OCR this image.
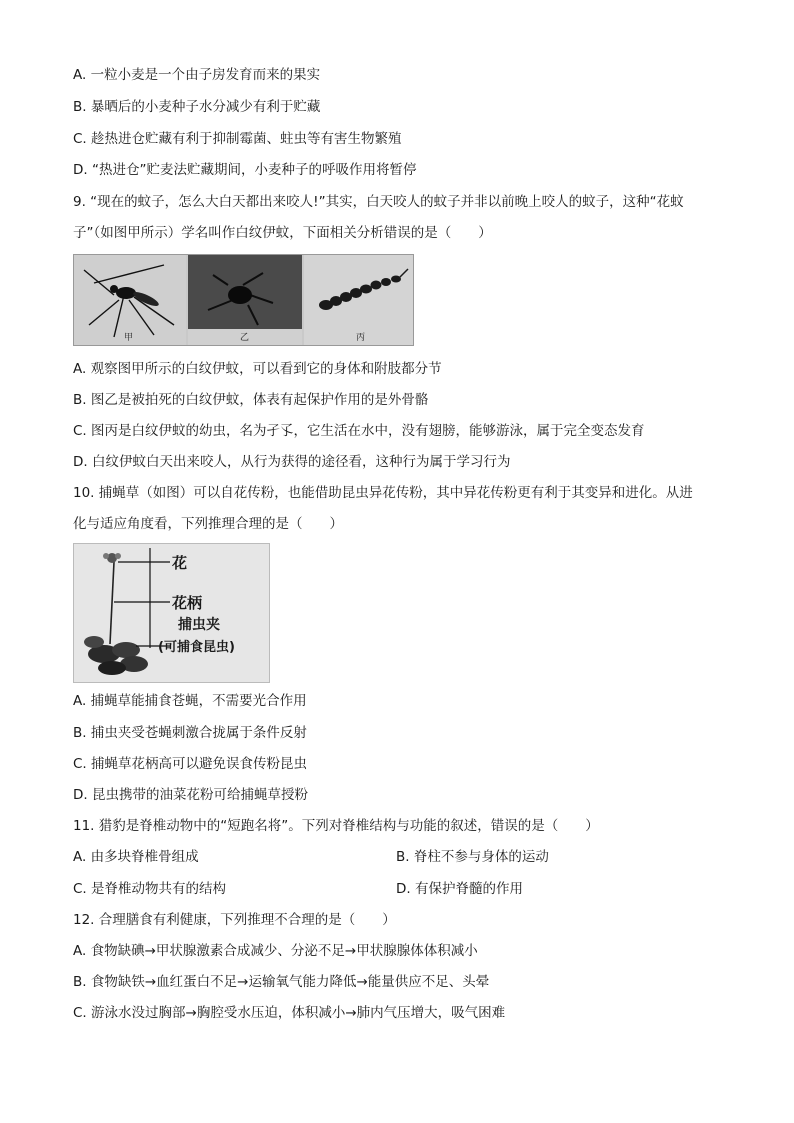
A. 一粒小麦是一个由子房发育而来的果实
B. 暴晒后的小麦种子水分减少有利于贮藏
C. 趁热进仓贮藏有利于抑制霉菌、蛀虫等有害生物繁殖
D. “热进仓”贮麦法贮藏期间，小麦种子的呼吸作用将暂停
9. “现在的蚊子，怎么大白天都出来咬人!”其实，白天咬人的蚊子并非以前晚上咬人的蚊子，这种“花蚊
子”（如图甲所示）学名叫作白纹伊蚊，下面相关分析错误的是（　　）
甲	乙	丙
A. 观察图甲所示的白纹伊蚊，可以看到它的身体和附肢都分节
B. 图乙是被拍死的白纹伊蚊，体表有起保护作用的是外骨骼
C. 图丙是白纹伊蚊的幼虫，名为孑孓，它生活在水中，没有翅膀，能够游泳，属于完全变态发育
D. 白纹伊蚊白天出来咬人，从行为获得的途径看，这种行为属于学习行为
10. 捕蝇草（如图）可以自花传粉，也能借助昆虫异花传粉，其中异花传粉更有利于其变异和进化。从进
化与适应角度看，下列推理合理的是（　　）
花
花柄
捕虫夹
(可捕食昆虫)
A. 捕蝇草能捕食苍蝇，不需要光合作用
B. 捕虫夹受苍蝇刺激合拢属于条件反射
C. 捕蝇草花柄高可以避免误食传粉昆虫
D. 昆虫携带的油菜花粉可给捕蝇草授粉
11. 猎豹是脊椎动物中的“短跑名将”。下列对脊椎结构与功能的叙述，错误的是（　　）
A. 由多块脊椎骨组成	B. 脊柱不参与身体的运动
C. 是脊椎动物共有的结构	D. 有保护脊髓的作用
12. 合理膳食有利健康，下列推理不合理的是（　　）
A. 食物缺碘→甲状腺激素合成减少、分泌不足→甲状腺腺体体积减小
B. 食物缺铁→血红蛋白不足→运输氧气能力降低→能量供应不足、头晕
C. 游泳水没过胸部→胸腔受水压迫，体积减小→肺内气压增大，吸气困难
